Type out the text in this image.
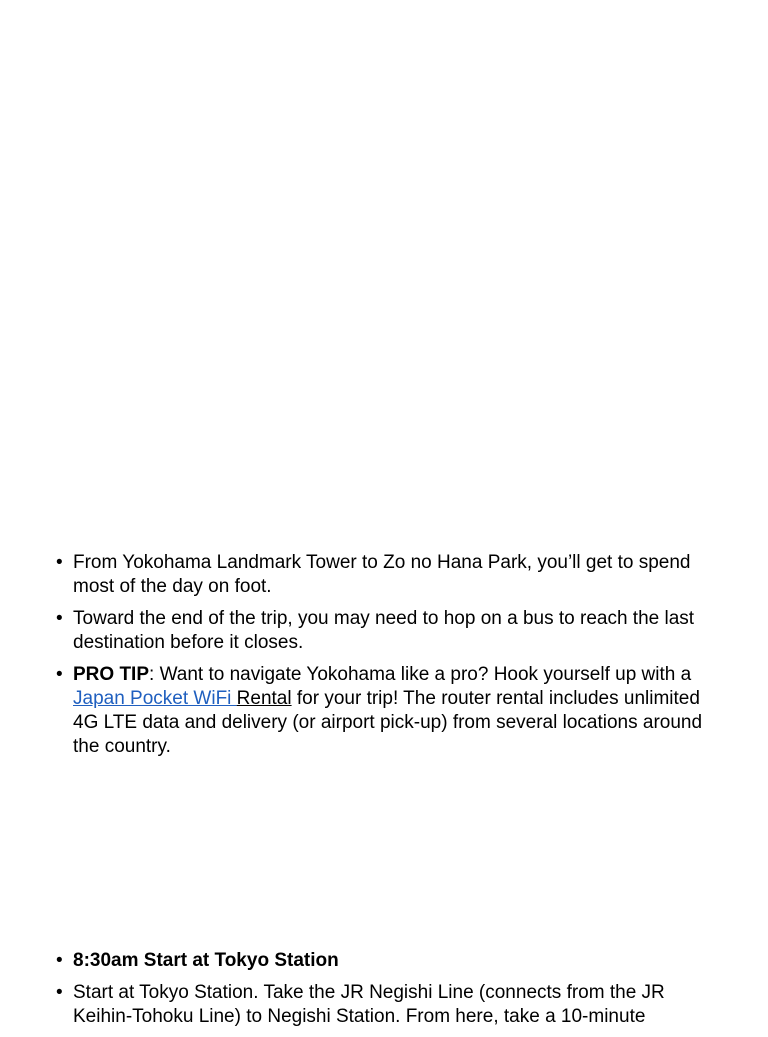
• From Yokohama Landmark Tower to Zo no Hana Park, you’ll get to spend most of the day on foot.
• Toward the end of the trip, you may need to hop on a bus to reach the last destination before it closes.
• PRO TIP: Want to navigate Yokohama like a pro? Hook yourself up with a Japan Pocket WiFi Rental for your trip! The router rental includes unlimited 4G LTE data and delivery (or airport pick-up) from several locations around the country.
• 8:30am Start at Tokyo Station
• Start at Tokyo Station. Take the JR Negishi Line (connects from the JR Keihin-Tohoku Line) to Negishi Station. From here, take a 10-minute
